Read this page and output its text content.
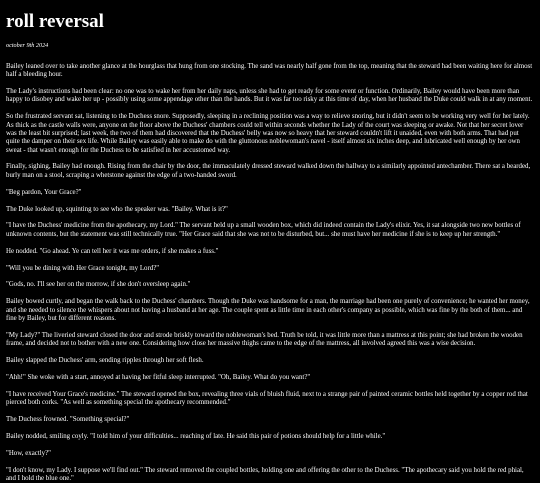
roll reversal
october 9th 2024

Bailey leaned over to take another glance at the hourglass that hung from one stocking. The sand was nearly half gone from the top, meaning that the steward had been waiting here for almost half a bleeding hour.

The Lady's instructions had been clear: no one was to wake her from her daily naps, unless she had to get ready for some event or function. Ordinarily, Bailey would have been more than happy to disobey and wake her up - possibly using some appendage other than the hands. But it was far too risky at this time of day, when her husband the Duke could walk in at any moment.

So the frustrated servant sat, listening to the Duchess snore. Supposedly, sleeping in a reclining position was a way to relieve snoring, but it didn't seem to be working very well for her lately. As thick as the castle walls were, anyone on the floor above the Duchess' chambers could tell within seconds whether the Lady of the court was sleeping or awake. Not that her secret lover was the least bit surprised; last week, the two of them had discovered that the Duchess' belly was now so heavy that her steward couldn't lift it unaided, even with both arms. That had put quite the damper on their sex life. While Bailey was easily able to make do with the gluttonous noblewoman's navel - itself almost six inches deep, and lubricated well enough by her own sweat - that wasn't enough for the Duchess to be satisfied in her accustomed way.

Finally, sighing, Bailey had enough. Rising from the chair by the door, the immaculately dressed steward walked down the hallway to a similarly appointed antechamber. There sat a bearded, burly man on a stool, scraping a whetstone against the edge of a two-handed sword.

"Beg pardon, Your Grace?"

The Duke looked up, squinting to see who the speaker was. "Bailey. What is it?"

"I have the Duchess' medicine from the apothecary, my Lord." The servant held up a small wooden box, which did indeed contain the Lady's elixir. Yes, it sat alongside two new bottles of unknown contents, but the statement was still technically true. "Her Grace said that she was not to be disturbed, but... she must have her medicine if she is to keep up her strength."

He nodded. "Go ahead. Ye can tell her it was me orders, if she makes a fuss."

"Will you be dining with Her Grace tonight, my Lord?"

"Gods, no. I'll see her on the morrow, if she don't oversleep again."

Bailey bowed curtly, and began the walk back to the Duchess' chambers. Though the Duke was handsome for a man, the marriage had been one purely of convenience; he wanted her money, and she needed to silence the whispers about not having a husband at her age. The couple spent as little time in each other's company as possible, which was fine by the both of them... and fine by Bailey, but for different reasons.

"My Lady?" The liveried steward closed the door and strode briskly toward the noblewoman's bed. Truth be told, it was little more than a mattress at this point; she had broken the wooden frame, and decided not to bother with a new one. Considering how close her massive thighs came to the edge of the mattress, all involved agreed this was a wise decision.

Bailey slapped the Duchess' arm, sending ripples through her soft flesh.

"Ahh!" She woke with a start, annoyed at having her fitful sleep interrupted. "Oh, Bailey. What do you want?"

"I have received Your Grace's medicine." The steward opened the box, revealing three vials of bluish fluid, next to a strange pair of painted ceramic bottles held together by a copper rod that pierced both corks. "As well as something special the apothecary recommended."

The Duchess frowned. "Something special?"

Bailey nodded, smiling coyly. "I told him of your difficulties... reaching of late. He said this pair of potions should help for a little while."

"How, exactly?"

"I don't know, my Lady. I suppose we'll find out." The steward removed the coupled bottles, holding one and offering the other to the Duchess. "The apothecary said you hold the red phial, and I hold the blue one."
